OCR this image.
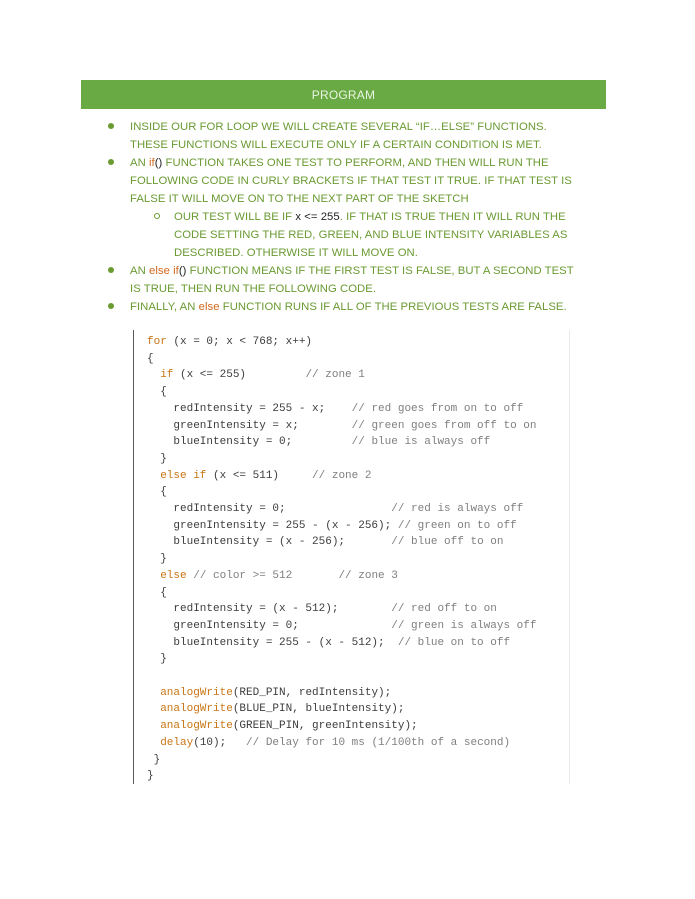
PROGRAM
INSIDE OUR FOR LOOP WE WILL CREATE SEVERAL “IF…ELSE” FUNCTIONS. THESE FUNCTIONS WILL EXECUTE ONLY IF A CERTAIN CONDITION IS MET.
AN if() FUNCTION TAKES ONE TEST TO PERFORM, AND THEN WILL RUN THE FOLLOWING CODE IN CURLY BRACKETS IF THAT TEST IT TRUE. IF THAT TEST IS FALSE IT WILL MOVE ON TO THE NEXT PART OF THE SKETCH
OUR TEST WILL BE IF x <= 255. IF THAT IS TRUE THEN IT WILL RUN THE CODE SETTING THE RED, GREEN, AND BLUE INTENSITY VARIABLES AS DESCRIBED. OTHERWISE IT WILL MOVE ON.
AN else if() FUNCTION MEANS IF THE FIRST TEST IS FALSE, BUT A SECOND TEST IS TRUE, THEN RUN THE FOLLOWING CODE.
FINALLY, AN else FUNCTION RUNS IF ALL OF THE PREVIOUS TESTS ARE FALSE.
for (x = 0; x < 768; x++)
{
if (x <= 255)         // zone 1
{
redIntensity = 255 - x;    // red goes from on to off
greenIntensity = x;        // green goes from off to on
blueIntensity = 0;         // blue is always off
}
else if (x <= 511)     // zone 2
{
redIntensity = 0;                // red is always off
greenIntensity = 255 - (x - 256); // green on to off
blueIntensity = (x - 256);       // blue off to on
}
else // color >= 512       // zone 3
{
redIntensity = (x - 512);        // red off to on
greenIntensity = 0;              // green is always off
blueIntensity = 255 - (x - 512);  // blue on to off
}
analogWrite(RED_PIN, redIntensity);
analogWrite(BLUE_PIN, blueIntensity);
analogWrite(GREEN_PIN, greenIntensity);
delay(10);   // Delay for 10 ms (1/100th of a second)
}
}
